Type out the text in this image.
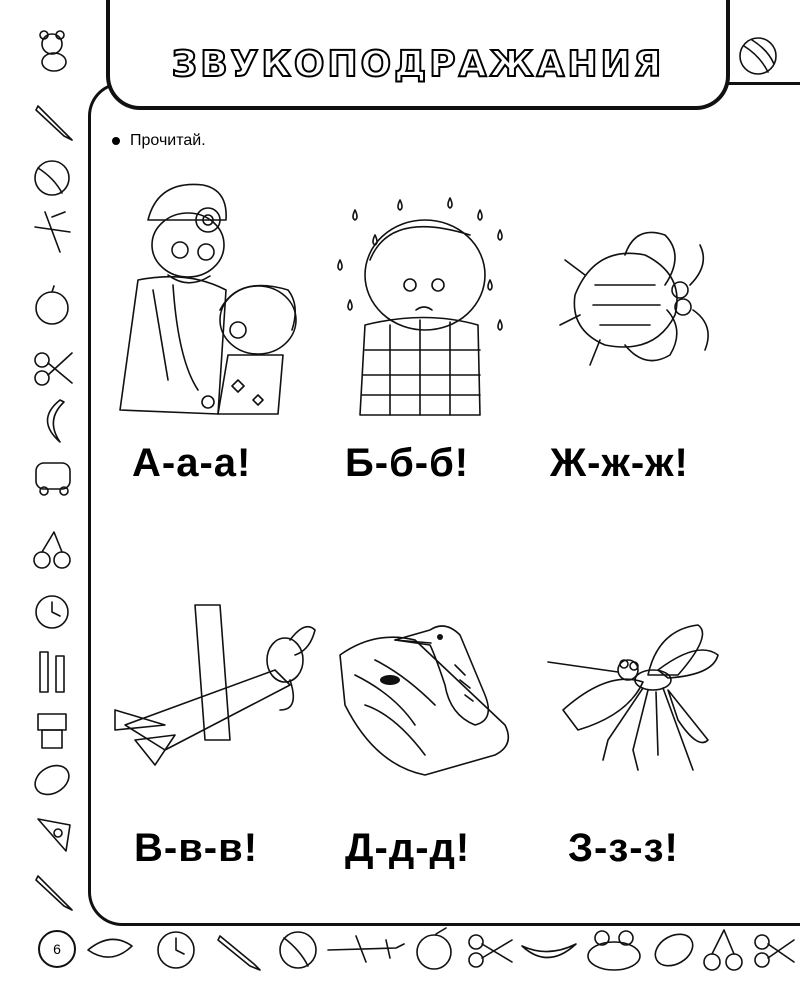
ЗВУКОПОДРАЖАНИЯ
Прочитай.
А-а-а! Б-б-б! Ж-ж-ж!
В-в-в! Д-д-д! З-з-з!
6
